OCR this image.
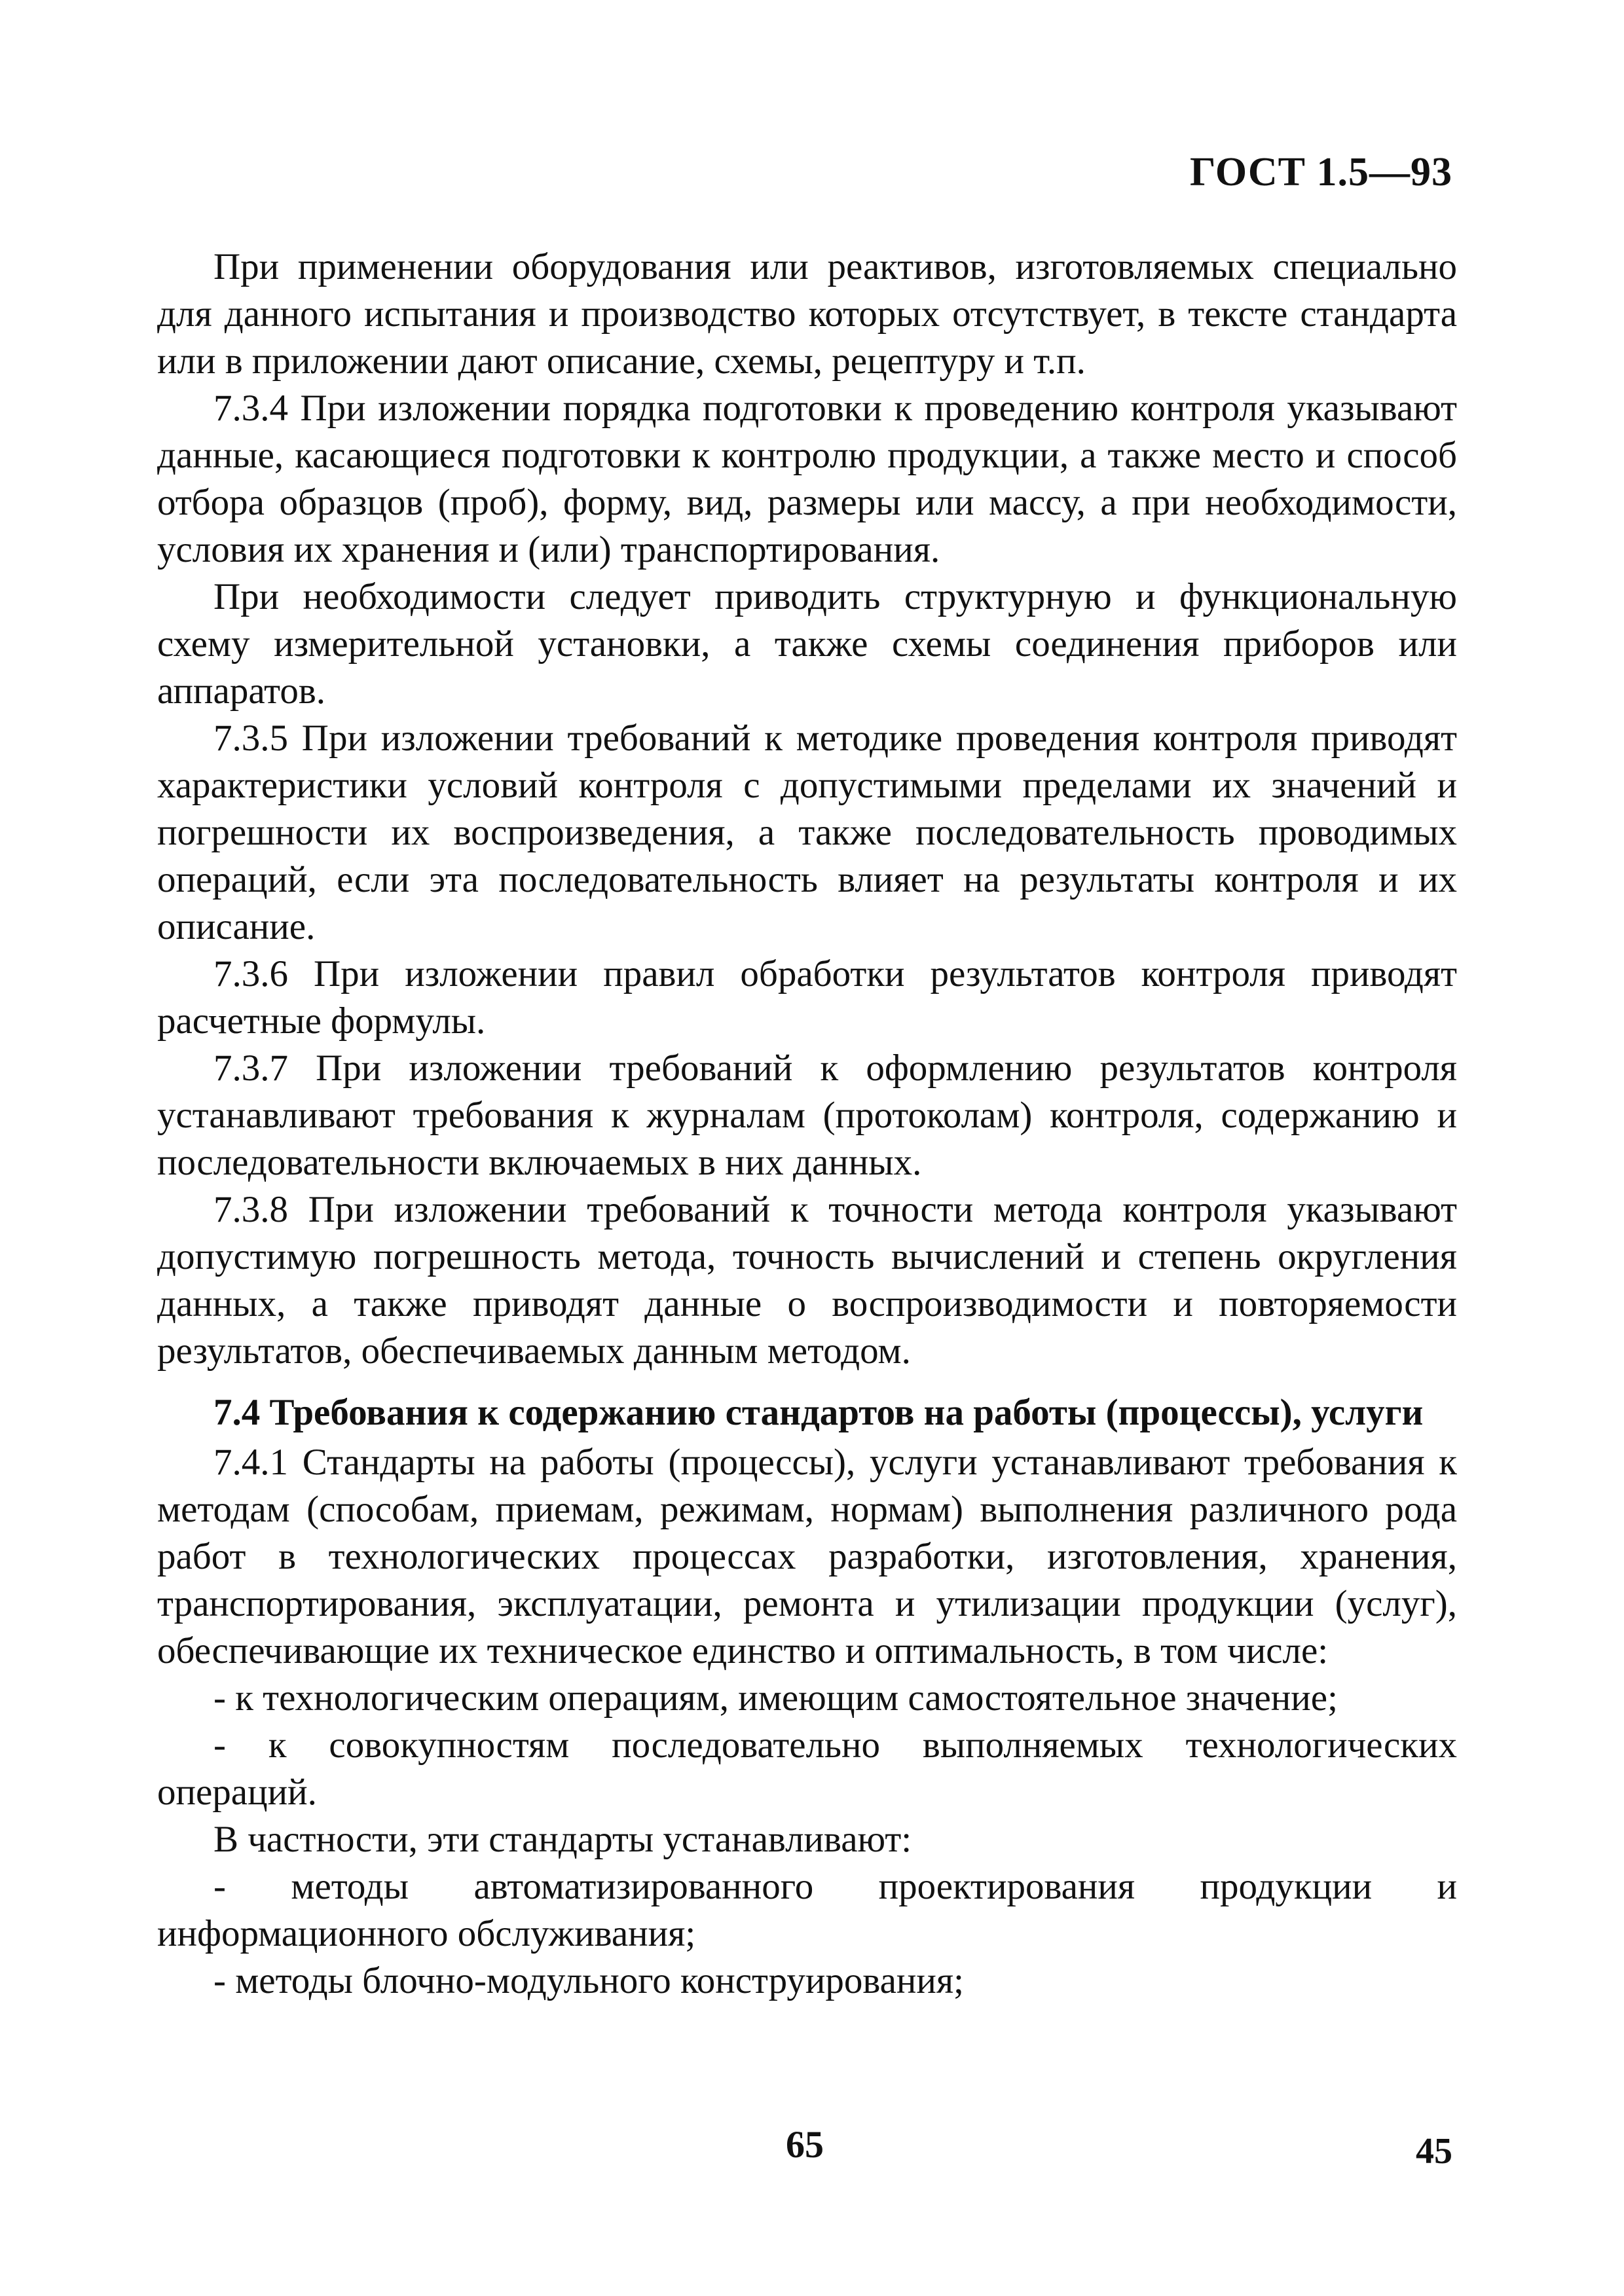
ГОСТ 1.5—93

При применении оборудования или реактивов, изготовляемых специально для данного испытания и производство которых отсутствует, в тексте стандарта или в приложении дают описание, схемы, рецептуру и т.п.

7.3.4 При изложении порядка подготовки к проведению контроля указывают данные, касающиеся подготовки к контролю продукции, а также место и способ отбора образцов (проб), форму, вид, размеры или массу, а при необходимости, условия их хранения и (или) транспортирования.

При необходимости следует приводить структурную и функциональную схему измерительной установки, а также схемы соединения приборов или аппаратов.

7.3.5 При изложении требований к методике проведения контроля приводят характеристики условий контроля с допустимыми пределами их значений и погрешности их воспроизведения, а также последовательность проводимых операций, если эта последовательность влияет на результаты контроля и их описание.

7.3.6 При изложении правил обработки результатов контроля приводят расчетные формулы.

7.3.7 При изложении требований к оформлению результатов контроля устанавливают требования к журналам (протоколам) контроля, содержанию и последовательности включаемых в них данных.

7.3.8 При изложении требований к точности метода контроля указывают допустимую погрешность метода, точность вычислений и степень округления данных, а также приводят данные о воспроизводимости и повторяемости результатов, обеспечиваемых данным методом.

7.4 Требования к содержанию стандартов на работы (процессы), услуги

7.4.1 Стандарты на работы (процессы), услуги устанавливают требования к методам (способам, приемам, режимам, нормам) выполнения различного рода работ в технологических процессах разработки, изготовления, хранения, транспортирования, эксплуатации, ремонта и утилизации продукции (услуг), обеспечивающие их техническое единство и оптимальность, в том числе:

- к технологическим операциям, имеющим самостоятельное значение;

- к совокупностям последовательно выполняемых технологических операций.

В частности, эти стандарты устанавливают:

- методы автоматизированного проектирования продукции и информационного обслуживания;

- методы блочно-модульного конструирования;

65	45
